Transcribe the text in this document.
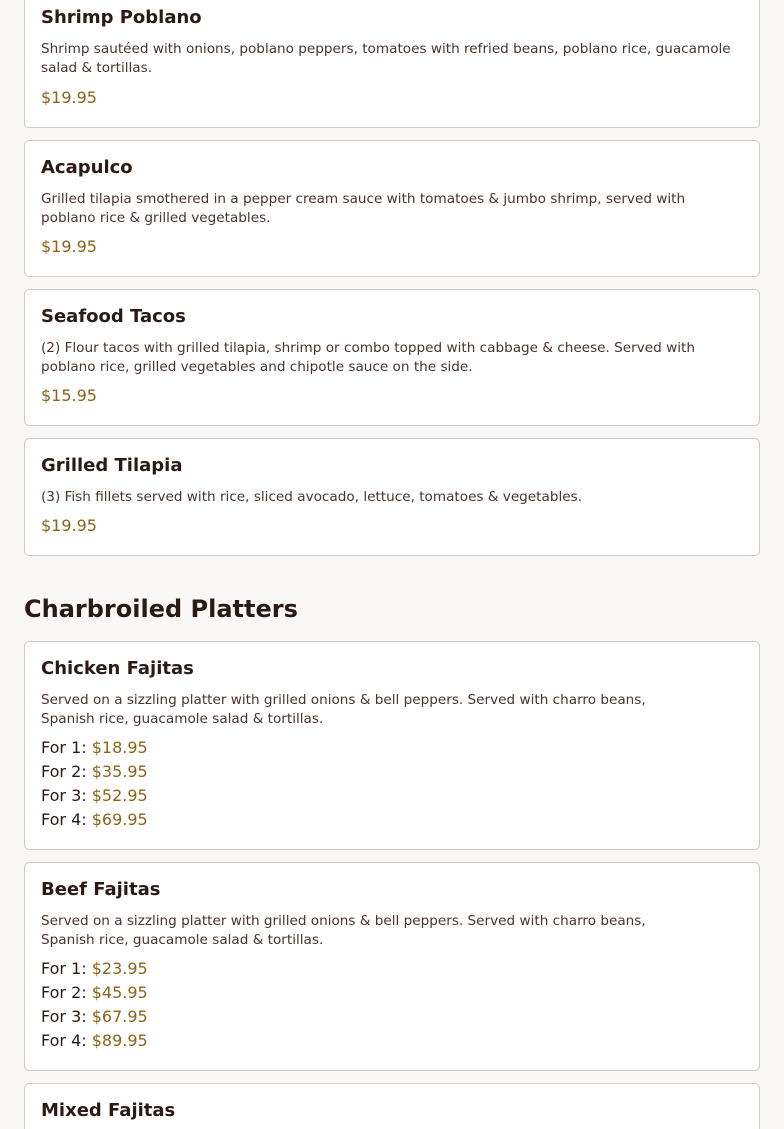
Shrimp Poblano
Shrimp sautéed with onions, poblano peppers, tomatoes with refried beans, poblano rice, guacamole salad & tortillas.
$19.95
Acapulco
Grilled tilapia smothered in a pepper cream sauce with tomatoes & jumbo shrimp, served with poblano rice & grilled vegetables.
$19.95
Seafood Tacos
(2) Flour tacos with grilled tilapia, shrimp or combo topped with cabbage & cheese. Served with poblano rice, grilled vegetables and chipotle sauce on the side.
$15.95
Grilled Tilapia
(3) Fish fillets served with rice, sliced avocado, lettuce, tomatoes & vegetables.
$19.95
Charbroiled Platters
Chicken Fajitas
Served on a sizzling platter with grilled onions & bell peppers. Served with charro beans, Spanish rice, guacamole salad & tortillas.
For 1: $18.95
For 2: $35.95
For 3: $52.95
For 4: $69.95
Beef Fajitas
Served on a sizzling platter with grilled onions & bell peppers. Served with charro beans, Spanish rice, guacamole salad & tortillas.
For 1: $23.95
For 2: $45.95
For 3: $67.95
For 4: $89.95
Mixed Fajitas
